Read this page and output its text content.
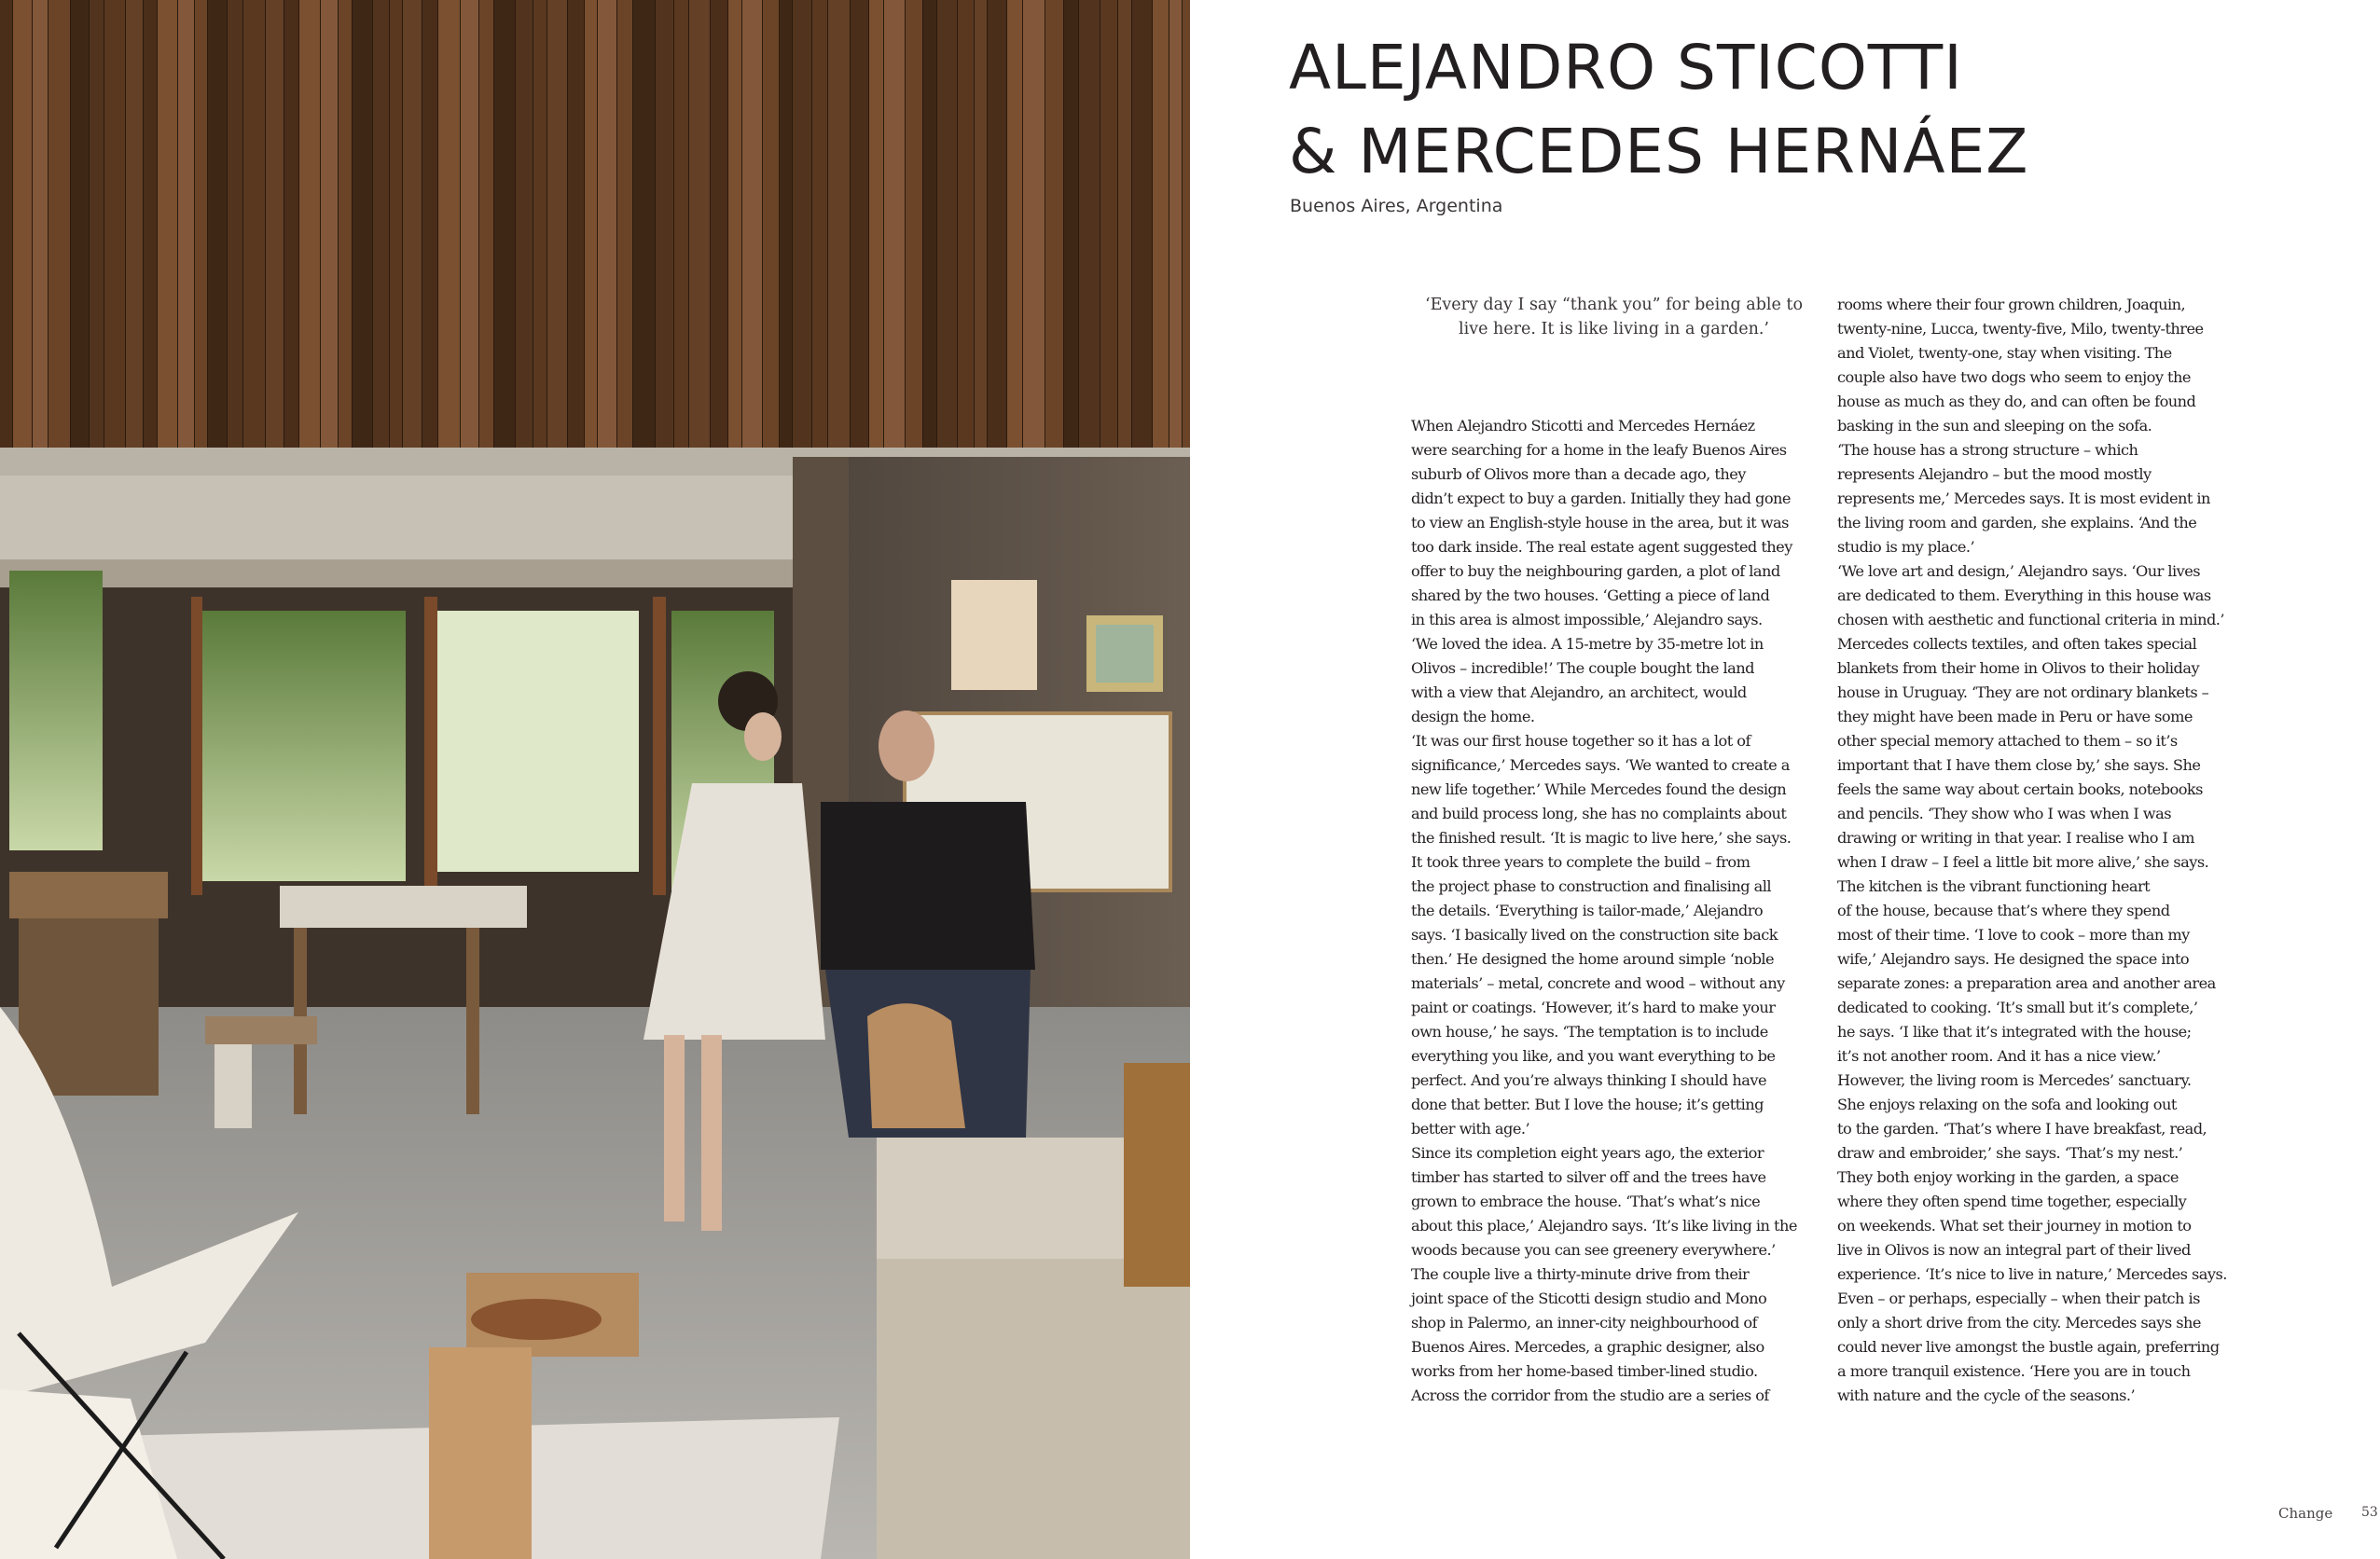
ALEJANDRO STICOTTI
& MERCEDES HERNÁEZ
Buenos Aires, Argentina

‘Every day I say “thank you” for being able to live here. It is like living in a garden.’

When Alejandro Sticotti and Mercedes Hernáez
were searching for a home in the leafy Buenos Aires
suburb of Olivos more than a decade ago, they
didn’t expect to buy a garden. Initially they had gone
to view an English-style house in the area, but it was
too dark inside. The real estate agent suggested they
offer to buy the neighbouring garden, a plot of land
shared by the two houses. ‘Getting a piece of land
in this area is almost impossible,’ Alejandro says.
‘We loved the idea. A 15-metre by 35-metre lot in
Olivos – incredible!’ The couple bought the land
with a view that Alejandro, an architect, would
design the home.
‘It was our first house together so it has a lot of
significance,’ Mercedes says. ‘We wanted to create a
new life together.’ While Mercedes found the design
and build process long, she has no complaints about
the finished result. ‘It is magic to live here,’ she says.
It took three years to complete the build – from
the project phase to construction and finalising all
the details. ‘Everything is tailor-made,’ Alejandro
says. ‘I basically lived on the construction site back
then.’ He designed the home around simple ‘noble
materials’ – metal, concrete and wood – without any
paint or coatings. ‘However, it’s hard to make your
own house,’ he says. ‘The temptation is to include
everything you like, and you want everything to be
perfect. And you’re always thinking I should have
done that better. But I love the house; it’s getting
better with age.’
Since its completion eight years ago, the exterior
timber has started to silver off and the trees have
grown to embrace the house. ‘That’s what’s nice
about this place,’ Alejandro says. ‘It’s like living in the
woods because you can see greenery everywhere.’
The couple live a thirty-minute drive from their
joint space of the Sticotti design studio and Mono
shop in Palermo, an inner-city neighbourhood of
Buenos Aires. Mercedes, a graphic designer, also
works from her home-based timber-lined studio.
Across the corridor from the studio are a series of
rooms where their four grown children, Joaquin,
twenty-nine, Lucca, twenty-five, Milo, twenty-three
and Violet, twenty-one, stay when visiting. The
couple also have two dogs who seem to enjoy the
house as much as they do, and can often be found
basking in the sun and sleeping on the sofa.
‘The house has a strong structure – which
represents Alejandro – but the mood mostly
represents me,’ Mercedes says. It is most evident in
the living room and garden, she explains. ‘And the
studio is my place.’
‘We love art and design,’ Alejandro says. ‘Our lives
are dedicated to them. Everything in this house was
chosen with aesthetic and functional criteria in mind.’
Mercedes collects textiles, and often takes special
blankets from their home in Olivos to their holiday
house in Uruguay. ‘They are not ordinary blankets –
they might have been made in Peru or have some
other special memory attached to them – so it’s
important that I have them close by,’ she says. She
feels the same way about certain books, notebooks
and pencils. ‘They show who I was when I was
drawing or writing in that year. I realise who I am
when I draw – I feel a little bit more alive,’ she says.
The kitchen is the vibrant functioning heart
of the house, because that’s where they spend
most of their time. ‘I love to cook – more than my
wife,’ Alejandro says. He designed the space into
separate zones: a preparation area and another area
dedicated to cooking. ‘It’s small but it’s complete,’
he says. ‘I like that it’s integrated with the house;
it’s not another room. And it has a nice view.’
However, the living room is Mercedes’ sanctuary.
She enjoys relaxing on the sofa and looking out
to the garden. ‘That’s where I have breakfast, read,
draw and embroider,’ she says. ‘That’s my nest.’
They both enjoy working in the garden, a space
where they often spend time together, especially
on weekends. What set their journey in motion to
live in Olivos is now an integral part of their lived
experience. ‘It’s nice to live in nature,’ Mercedes says.
Even – or perhaps, especially – when their patch is
only a short drive from the city. Mercedes says she
could never live amongst the bustle again, preferring
a more tranquil existence. ‘Here you are in touch
with nature and the cycle of the seasons.’
Change 53
